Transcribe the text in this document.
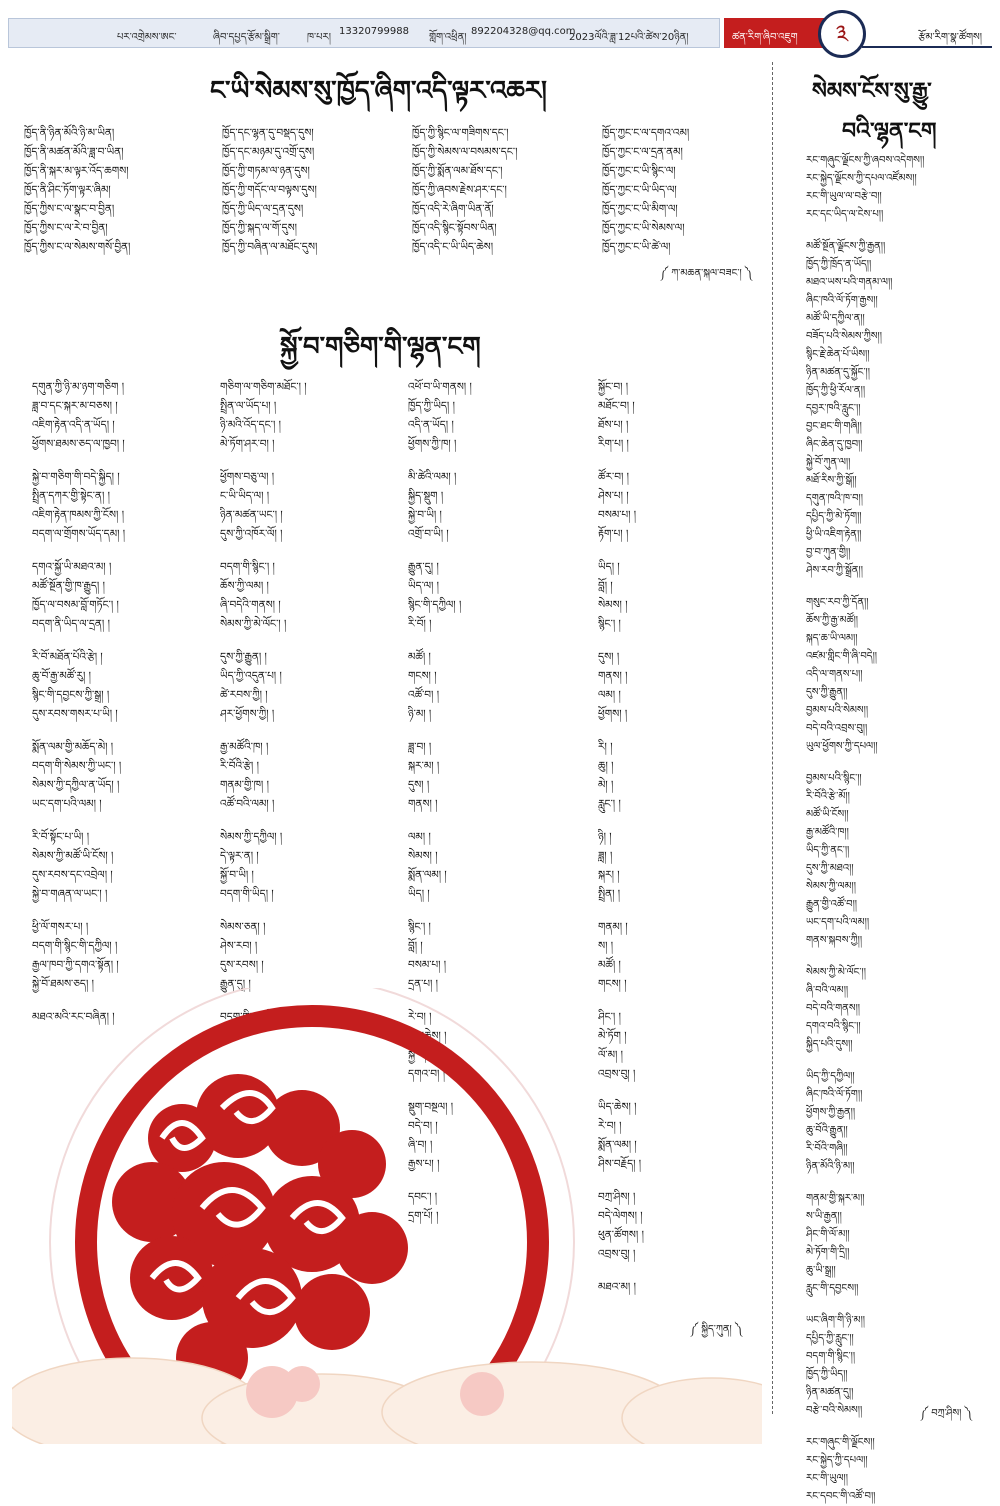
པར་འགྲེམས་ཨང་	ཞིབ་དཔྱད་རྩོམ་སྒྲིག་	ཁ་པར།
13320799988
གློག་འཕྲིན།
892204328@qq.com
2023ལོའི་ཟླ་12པའི་ཚེས་20ཉིན།	ཚན་རིག་ཞིབ་འཇུག	༣	རྩོམ་རིག་སྣ་ཚོགས།
ང་ཡི་སེམས་སུ་ཁྱོད་ཞིག་འདི་ལྟར་འཆར།
ཁྱོད་ནི་ཉིན་མོའི་ཉི་མ་ཡིན།
ཁྱོད་ནི་མཚན་མོའི་ཟླ་བ་ཡིན།
ཁྱོད་ནི་སྐར་མ་ལྟར་འོད་ཆགས།
ཁྱོད་ནི་ཤིང་ཏོག་ལྟར་ཞིམ།
ཁྱོད་ཀྱིས་ང་ལ་སྣང་བ་བྱིན།
ཁྱོད་ཀྱིས་ང་ལ་རེ་བ་བྱིན།
ཁྱོད་ཀྱིས་ང་ལ་སེམས་གསོ་བྱིན།
ཁྱོད་དང་ལྷན་དུ་བསྡད་དུས།
ཁྱོད་དང་མཉམ་དུ་འགྲོ་དུས།
ཁྱོད་ཀྱི་གཏམ་ལ་ཉན་དུས།
ཁྱོད་ཀྱི་གདོང་ལ་བལྟས་དུས།
ཁྱོད་ཀྱི་ཡིད་ལ་དྲན་དུས།
ཁྱོད་ཀྱི་སྐད་ལ་གོ་དུས།
ཁྱོད་ཀྱི་བཞིན་ལ་མཐོང་དུས།
ཁྱོད་ཀྱི་སྙིང་ལ་གཟིགས་དང་།
ཁྱོད་ཀྱི་སེམས་ལ་བསམས་དང་།
ཁྱོད་ཀྱི་སྨོན་ལམ་ཐོས་དང་།
ཁྱོད་ཀྱི་ཞབས་རྗེས་ཤར་དང་།
ཁྱོད་འདི་རེ་ཞིག་ཡིན་ནོ།
ཁྱོད་འདི་སྙིང་སྟོབས་ཡིན།
ཁྱོད་འདི་ང་ཡི་ཡིད་ཆེས།
ཁྱོད་ཀྱང་ང་ལ་དགའ་འམ།
ཁྱོད་ཀྱང་ང་ལ་དྲན་ནམ།
ཁྱོད་ཀྱང་ང་ཡི་སྙིང་ལ།
ཁྱོད་ཀྱང་ང་ཡི་ཡིད་ལ།
ཁྱོད་ཀྱང་ང་ཡི་མིག་ལ།
ཁྱོད་ཀྱང་ང་ཡི་སེམས་ལ།
ཁྱོད་ཀྱང་ང་ཡི་ཚེ་ལ།
༼ ཀ་མཆན་སྐལ་བཟང་། ༽
སྐྱོ་བ་གཅིག་གི་ལྷན་ངག
དགུན་ཀྱི་ཉི་མ་ཉག་གཅིག །
ཟླ་བ་དང་སྐར་མ་བཅས། །
འཇིག་རྟེན་འདི་ན་ཡོད། །
ཕྱོགས་ཐམས་ཅད་ལ་ཁྱབ། །
སྐྱེ་བ་གཅིག་གི་བདེ་སྐྱིད། །
སྤྲིན་དཀར་གྱི་སྟེང་ན། །
འཇིག་རྟེན་ཁམས་ཀྱི་ངོས། །
བདག་ལ་གྲོགས་ཡོད་དམ། །
དགའ་སྐྱོ་ཡི་མཐའ་མ། །
མཚོ་སྔོན་གྱི་ཁ་རྒྱུད། །
ཁྱོད་ལ་བསམ་བློ་གཏོང་། །
བདག་ནི་ཡིད་ལ་དྲན། །
རི་བོ་མཐོན་པོའི་རྩེ། །
ཆུ་བོ་རྒྱ་མཚོ་རུ། །
སྙིང་གི་དབྱངས་ཀྱི་སྒྲ། །
དུས་རབས་གསར་པ་ཡི། །
སྨོན་ལམ་གྱི་མཆོད་མེ། །
བདག་གི་སེམས་ཀྱི་ཡང་། །
སེམས་ཀྱི་དཀྱིལ་ན་ཡོད། །
ཡང་དག་པའི་ལམ། །
རི་བོ་སྟོང་པ་ཡི། །
སེམས་ཀྱི་མཚོ་ཡི་ངོས། །
དུས་རབས་དང་འབྲེལ། །
སྐྱེ་བ་གཞན་ལ་ཡང་། །
ཕྱི་ལོ་གསར་པ། །
བདག་གི་སྙིང་གི་དཀྱིལ། །
རྒྱལ་ཁབ་ཀྱི་དགའ་སྟོན། །
སྐྱེ་བོ་ཐམས་ཅད། །
མཐའ་མའི་རང་བཞིན། །
གཅིག་ལ་གཅིག་མཐོང་། །
སྤྲིན་ལ་ཡོད་པ། །
ཉི་མའི་འོད་དང་། །
མེ་ཏོག་ཤར་བ། །
ཕྱོགས་བཅུ་ལ། །
ང་ཡི་ཡིད་ལ། །
ཉིན་མཚན་ཡང་། །
དུས་ཀྱི་འཁོར་ལོ། །
བདག་གི་སྙིང་། །
ཆོས་ཀྱི་ལམ། །
ཞི་བདེའི་གནས། །
སེམས་ཀྱི་མེ་ལོང་། །
དུས་ཀྱི་རྒྱུན། །
ཡིད་ཀྱི་འདུན་པ། །
ཚེ་རབས་ཀྱི། །
ཤར་ཕྱོགས་ཀྱི། །
རྒྱ་མཚོའི་ཁ། །
རི་བོའི་རྩེ། །
གནམ་གྱི་ཁ། །
འཚོ་བའི་ལམ། །
སེམས་ཀྱི་དཀྱིལ། །
དེ་ལྟར་ན། །
སྐྱོ་བ་ཡི། །
བདག་གི་ཡིད། །
སེམས་ཅན། །
ཤེས་རབ། །
དུས་རབས། །
རྒྱུན་དུ། །
བདག་གི་རང་ཉིད། །
འཕོ་བ་ཡི་གནས། །
ཁྱོད་ཀྱི་ཡིད། །
འདི་ན་ཡོད། །
ཕྱོགས་ཀྱི་ཁ། །
མི་ཚེའི་ལམ། །
སྐྱིད་སྡུག །
སྐྱེ་བ་ཡི། །
འགྲོ་བ་ཡི། །
རྒྱུན་དུ། །
ཡིད་ལ། །
སྙིང་གི་དཀྱིལ། །
རི་བོ། །
མཚོ། །
གངས། །
འཚོ་བ། །
ཉི་མ། །
ཟླ་བ། །
སྐར་མ། །
དུས། །
གནས། །
ལམ། །
སེམས། །
སྨོན་ལམ། །
ཡིད། །
སྙིང་། །
བློ། །
བསམ་པ། །
དྲན་པ། །
རེ་བ། །
ཡིད་ཆེས། །
སྐྱོ་བ། །
དགའ་བ། །
སྡུག་བསྔལ། །
བདེ་བ། །
ཞི་བ། །
རྒྱས་པ། །
དབང་། །
དྲག་པོ། །
སྐྱོང་བ། །
མཐོང་བ། །
ཐོས་པ། །
རིག་པ། །
ཚོར་བ། །
ཤེས་པ། །
བསམ་པ། །
རྟོག་པ། །
ཡིད། །
བློ། །
སེམས། །
སྙིང་། །
དུས། །
གནས། །
ལམ། །
ཕྱོགས། །
རི། །
ཆུ། །
མེ། །
རླུང་། །
ཉི། །
ཟླ། །
སྐར། །
སྤྲིན། །
གནམ། །
ས། །
མཚོ། །
གངས། །
ཤིང་། །
མེ་ཏོག །
ལོ་མ། །
འབྲས་བུ། །
ཡིད་ཆེས། །
རེ་བ། །
སྨོན་ལམ། །
ཤིས་བརྗོད། །
བཀྲ་ཤིས། །
བདེ་ལེགས། །
ཕུན་ཚོགས། །
འབྲས་བུ། །
མཐའ་མ། །
༼ སྐྱིད་ཀུན། ༽
སེམས་ངོས་སུ་རྒྱུ་
བའི་ལྷན་ངག
རང་གཞུང་ལྗོངས་ཀྱི་ཞབས་འདེགས།།
རང་སྐྱེད་ལྗོངས་ཀྱི་དཔལ་འཛོམས།།
རང་གི་ཡུལ་ལ་བརྩེ་བ།།
རང་དང་ཡིད་ལ་ངེས་པ།།
མཚོ་སྔོན་ལྗོངས་ཀྱི་རྒྱན།།
ཁྱོད་ཀྱི་ཁྲོད་ན་ཡོད།།
མཐའ་ཡས་པའི་གནམ་ལ།།
ཞིང་ཁའི་ལོ་ཏོག་རྒྱས།།
མཚོ་ཡི་དཀྱིལ་ན།།
བཟོད་པའི་སེམས་ཀྱིས།།
སྙིང་རྗེ་ཆེན་པོ་ཡིས།།
ཉིན་མཚན་དུ་སྐྱོང་།།
ཁྱོད་ཀྱི་ཕྱི་རོལ་ན།།
དབྱར་ཁའི་རླུང་།།
བྱང་ཐང་གི་གཞི།།
ཞིང་ཆེན་དུ་ཁྱབ།།
སྐྱེ་བོ་ཀུན་ལ།།
མཐོ་རིས་ཀྱི་སྒོ།།
དགུན་ཁའི་ཁ་བ།།
དཔྱིད་ཀྱི་མེ་ཏོག།།
ཕྱི་ཡི་འཇིག་རྟེན།།
བྱ་བ་ཀུན་གྱི།།
ཤེས་རབ་ཀྱི་སྒྲོན།།
གསུང་རབ་ཀྱི་དོན།།
ཆོས་ཀྱི་རྒྱ་མཚོ།།
སྐད་ཆ་ཡི་ལམ།།
འཛམ་གླིང་གི་ཞི་བདེ།།
འདི་ལ་གནས་པ།།
དུས་ཀྱི་རྒྱུན།།
བྱམས་པའི་སེམས།།
བདེ་བའི་འབྲས་བུ།།
ཡུལ་ཕྱོགས་ཀྱི་དཔལ།།
བྱམས་པའི་སྙིང་།།
རི་བོའི་རྩེ་མོ།།
མཚོ་ཡི་ངོས།།
རྒྱ་མཚོའི་ཁ།།
ཡིད་ཀྱི་ནང་།།
དུས་ཀྱི་མཐའ།།
སེམས་ཀྱི་ལམ།།
རྒྱུན་གྱི་འཚོ་བ།།
ཡང་དག་པའི་ལམ།།
གནས་སྐབས་ཀྱི།།
སེམས་ཀྱི་མེ་ལོང་།།
ཞི་བའི་ལམ།།
བདེ་བའི་གནས།།
དགའ་བའི་སྙིང་།།
སྐྱིད་པའི་དུས།།
ཡིད་ཀྱི་དཀྱིལ།།
ཞིང་ཁའི་ལོ་ཏོག།།
ཕྱོགས་ཀྱི་རྒྱན།།
ཆུ་བོའི་རྒྱུན།།
རི་བོའི་གཞི།།
ཉིན་མོའི་ཉི་མ།།
གནམ་གྱི་སྐར་མ།།
ས་ཡི་རྒྱན།།
ཤིང་གི་ལོ་མ།།
མེ་ཏོག་གི་དྲི།།
ཆུ་ཡི་སྒྲ།།
རླུང་གི་དབྱངས།།
ཡང་ཞིག་གི་ཉི་མ།།
དཔྱིད་ཀྱི་རླུང་།།
བདག་གི་སྙིང་།།
ཁྱོད་ཀྱི་ཡིད།།
ཉིན་མཚན་དུ།།
བརྩེ་བའི་སེམས།།
རང་གཞུང་གི་ལྗོངས།།
རང་སྐྱེད་ཀྱི་དཔལ།།
རང་གི་ཡུལ།།
རང་དབང་གི་འཚོ་བ།།
༼ བཀྲ་ཤིས། ༽
